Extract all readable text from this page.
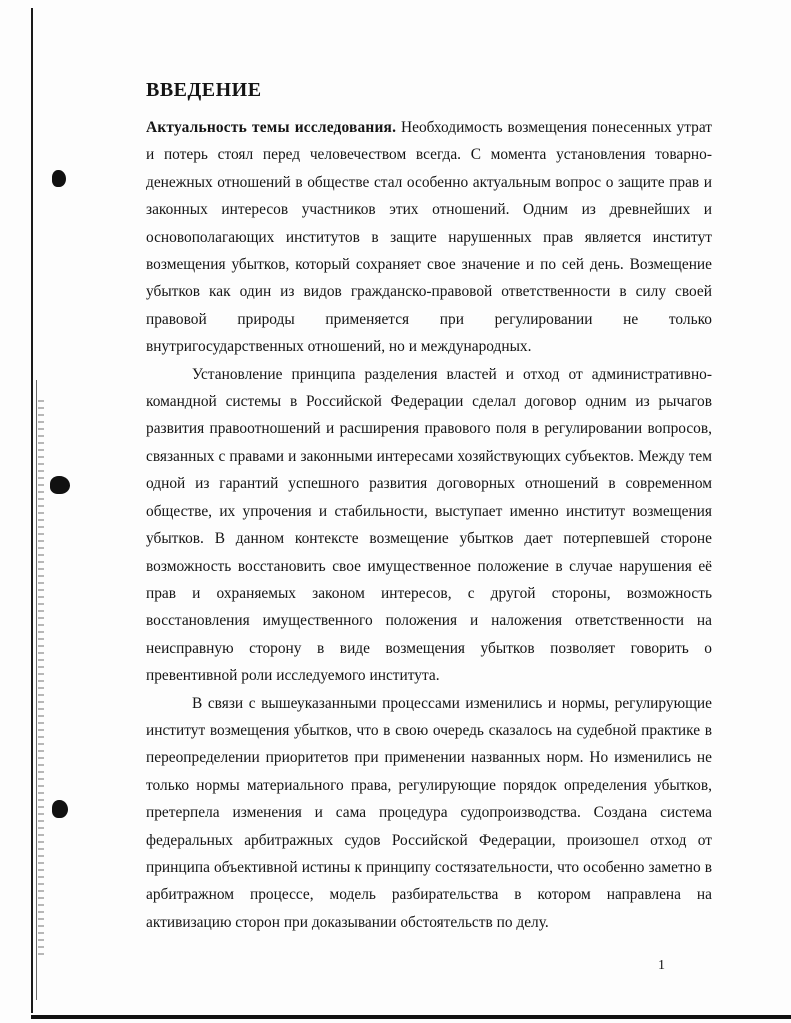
ВВЕДЕНИЕ

Актуальность темы исследования. Необходимость возмещения понесенных утрат и потерь стоял перед человечеством всегда. С момента установления товарно-денежных отношений в обществе стал особенно актуальным вопрос о защите прав и законных интересов участников этих отношений. Одним из древнейших и основополагающих институтов в защите нарушенных прав является институт возмещения убытков, который сохраняет свое значение и по сей день. Возмещение убытков как один из видов гражданско-правовой ответственности в силу своей правовой природы применяется при регулировании не только внутригосударственных отношений, но и международных.

Установление принципа разделения властей и отход от административно-командной системы в Российской Федерации сделал договор одним из рычагов развития правоотношений и расширения правового поля в регулировании вопросов, связанных с правами и законными интересами хозяйствующих субъектов. Между тем одной из гарантий успешного развития договорных отношений в современном обществе, их упрочения и стабильности, выступает именно институт возмещения убытков. В данном контексте возмещение убытков дает потерпевшей стороне возможность восстановить свое имущественное положение в случае нарушения её прав и охраняемых законом интересов, с другой стороны, возможность восстановления имущественного положения и наложения ответственности на неисправную сторону в виде возмещения убытков позволяет говорить о превентивной роли исследуемого института.

В связи с вышеуказанными процессами изменились и нормы, регулирующие институт возмещения убытков, что в свою очередь сказалось на судебной практике в переопределении приоритетов при применении названных норм. Но изменились не только нормы материального права, регулирующие порядок определения убытков, претерпела изменения и сама процедура судопроизводства. Создана система федеральных арбитражных судов Российской Федерации, произошел отход от принципа объективной истины к принципу состязательности, что особенно заметно в арбитражном процессе, модель разбирательства в котором направлена на активизацию сторон при доказывании обстоятельств по делу.

1
